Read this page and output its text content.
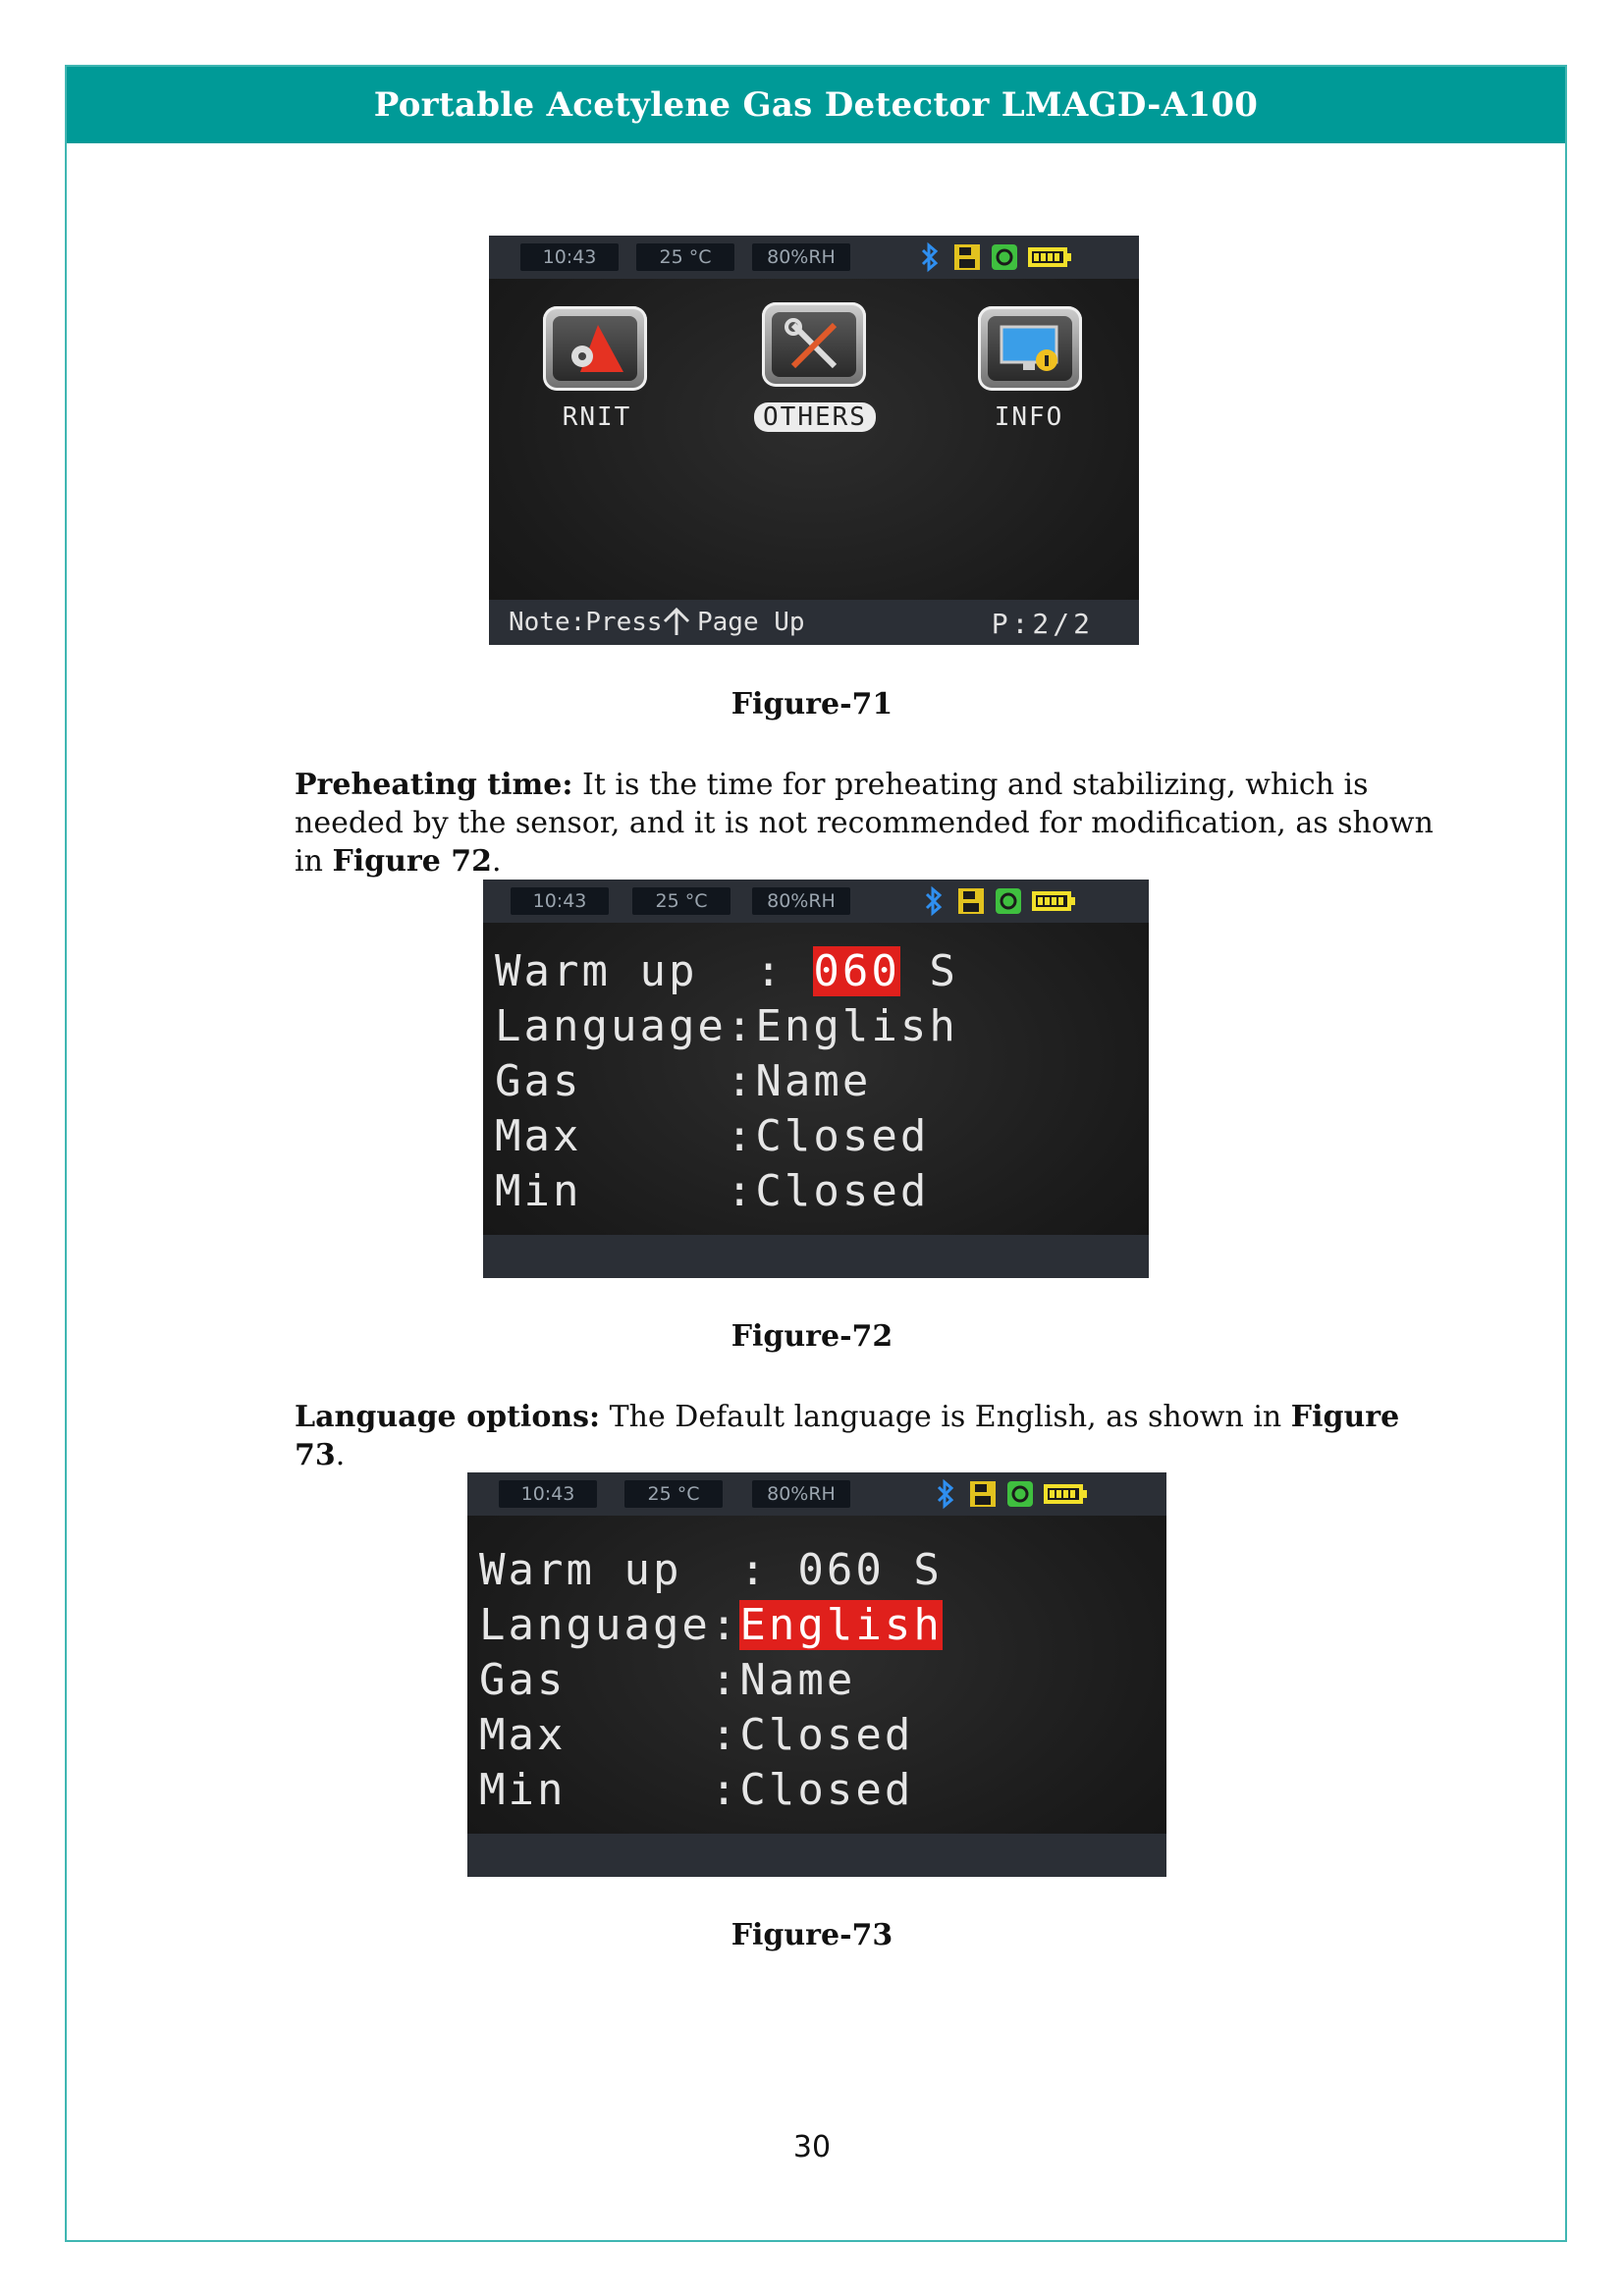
Portable Acetylene Gas Detector LMAGD-A100
10:43	25 °C	80%RH
RNIT	OTHERS	INFO
Note:Press Page Up	P:2/2
Figure-71
Preheating time: It is the time for preheating and stabilizing, which is needed by the sensor, and it is not recommended for modification, as shown in Figure 72.
10:43	25 °C	80%RH
Warm up  : 060 S
Language:English
Gas     :Name
Max     :Closed
Min     :Closed
Figure-72
Language options: The Default language is English, as shown in Figure 73.
10:43	25 °C	80%RH
Warm up  : 060 S
Language:English
Gas     :Name
Max     :Closed
Min     :Closed
Figure-73
30
